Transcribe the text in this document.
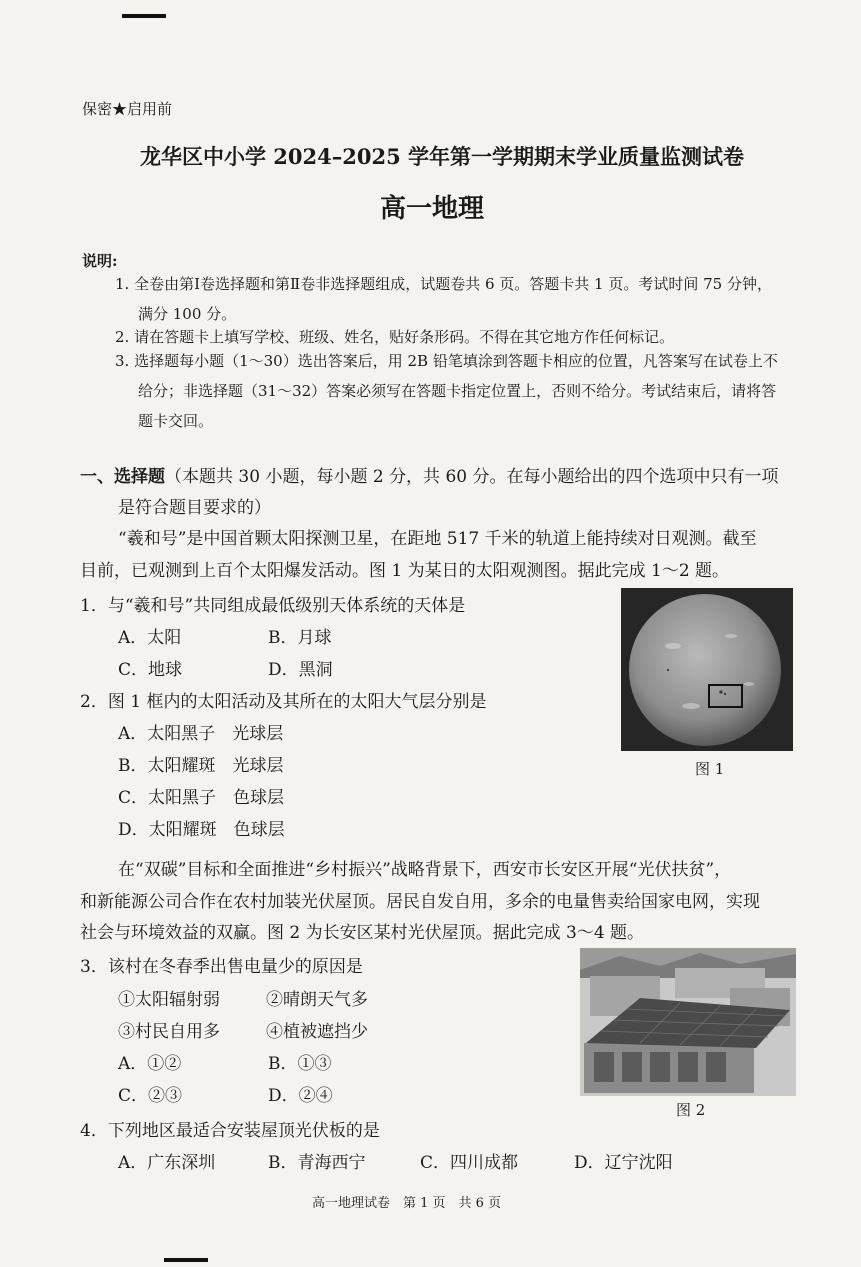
保密★启用前
龙华区中小学 2024–2025 学年第一学期期末学业质量监测试卷
高一地理
说明:
1. 全卷由第Ⅰ卷选择题和第Ⅱ卷非选择题组成，试题卷共 6 页。答题卡共 1 页。考试时间 75 分钟，
满分 100 分。
2. 请在答题卡上填写学校、班级、姓名，贴好条形码。不得在其它地方作任何标记。
3. 选择题每小题（1～30）选出答案后，用 2B 铅笔填涂到答题卡相应的位置，凡答案写在试卷上不
给分；非选择题（31～32）答案必须写在答题卡指定位置上，否则不给分。考试结束后，请将答
题卡交回。
一、选择题（本题共 30 小题，每小题 2 分，共 60 分。在每小题给出的四个选项中只有一项
是符合题目要求的）
“羲和号”是中国首颗太阳探测卫星，在距地 517 千米的轨道上能持续对日观测。截至
目前，已观测到上百个太阳爆发活动。图 1 为某日的太阳观测图。据此完成 1～2 题。
1．与“羲和号”共同组成最低级别天体系统的天体是
A．太阳	B．月球
C．地球	D．黑洞
2．图 1 框内的太阳活动及其所在的太阳大气层分别是
A．太阳黑子　光球层
B．太阳耀斑　光球层
C．太阳黑子　色球层
D．太阳耀斑　色球层
图 1
在“双碳”目标和全面推进“乡村振兴”战略背景下，西安市长安区开展“光伏扶贫”，
和新能源公司合作在农村加装光伏屋顶。居民自发自用，多余的电量售卖给国家电网，实现
社会与环境效益的双赢。图 2 为长安区某村光伏屋顶。据此完成 3～4 题。
3．该村在冬春季出售电量少的原因是
①太阳辐射弱	②晴朗天气多
③村民自用多	④植被遮挡少
A．①②	B．①③
C．②③	D．②④
图 2
4．下列地区最适合安装屋顶光伏板的是
A．广东深圳	B．青海西宁	C．四川成都	D．辽宁沈阳
高一地理试卷　第 1 页　共 6 页
